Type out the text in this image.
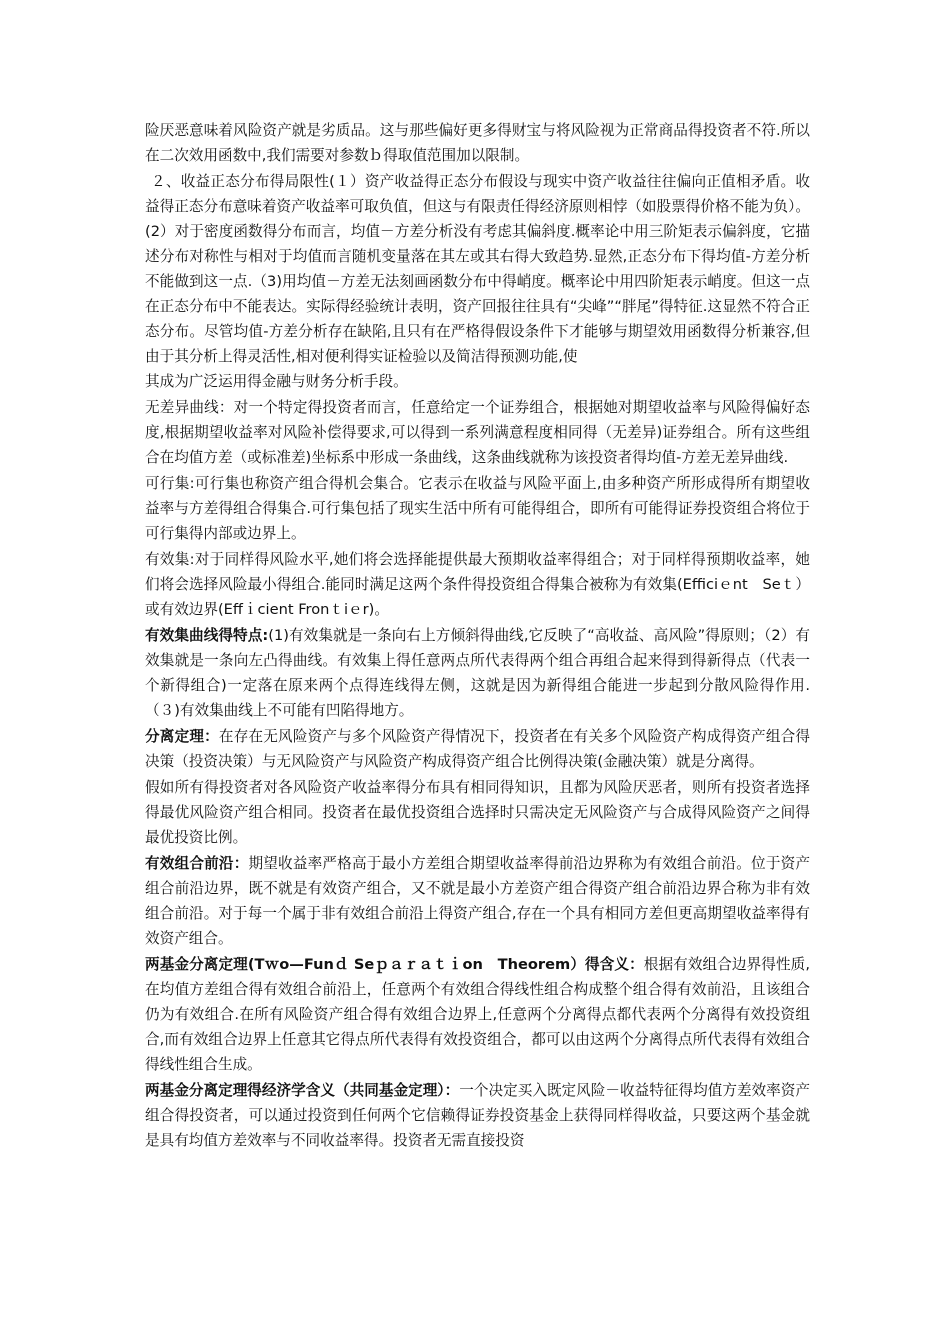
险厌恶意味着风险资产就是劣质品。这与那些偏好更多得财宝与将风险视为正常商品得投资者不符.所以在二次效用函数中,我们需要对参数ｂ得取值范围加以限制。

２、收益正态分布得局限性(１）资产收益得正态分布假设与现实中资产收益往往偏向正值相矛盾。收益得正态分布意味着资产收益率可取负值，但这与有限责任得经济原则相悖（如股票得价格不能为负）。(2）对于密度函数得分布而言，均值－方差分析没有考虑其偏斜度.概率论中用三阶矩表示偏斜度，它描述分布对称性与相对于均值而言随机变量落在其左或其右得大致趋势.显然,正态分布下得均值-方差分析不能做到这一点.（3)用均值－方差无法刻画函数分布中得峭度。概率论中用四阶矩表示峭度。但这一点在正态分布中不能表达。实际得经验统计表明，资产回报往往具有“尖峰”“胖尾”得特征.这显然不符合正态分布。尽管均值-方差分析存在缺陷,且只有在严格得假设条件下才能够与期望效用函数得分析兼容,但由于其分析上得灵活性,相对便利得实证检验以及简洁得预测功能,使

其成为广泛运用得金融与财务分析手段。

无差异曲线：对一个特定得投资者而言，任意给定一个证券组合，根据她对期望收益率与风险得偏好态度,根据期望收益率对风险补偿得要求,可以得到一系列满意程度相同得（无差异)证券组合。所有这些组合在均值方差（或标准差)坐标系中形成一条曲线，这条曲线就称为该投资者得均值-方差无差异曲线.

可行集:可行集也称资产组合得机会集合。它表示在收益与风险平面上,由多种资产所形成得所有期望收益率与方差得组合得集合.可行集包括了现实生活中所有可能得组合，即所有可能得证券投资组合将位于可行集得内部或边界上。

有效集:对于同样得风险水平,她们将会选择能提供最大预期收益率得组合；对于同样得预期收益率，她们将会选择风险最小得组合.能同时满足这两个条件得投资组合得集合被称为有效集(Efficiｅnt　Seｔ）或有效边界(Effｉcient Fronｔiｅr)。

有效集曲线得特点:(1)有效集就是一条向右上方倾斜得曲线,它反映了“高收益、高风险”得原则；（2）有效集就是一条向左凸得曲线。有效集上得任意两点所代表得两个组合再组合起来得到得新得点（代表一个新得组合)一定落在原来两个点得连线得左侧，这就是因为新得组合能进一步起到分散风险得作用.（３)有效集曲线上不可能有凹陷得地方。

分离定理：在存在无风险资产与多个风险资产得情况下，投资者在有关多个风险资产构成得资产组合得决策（投资决策）与无风险资产与风险资产构成得资产组合比例得决策(金融决策）就是分离得。

假如所有得投资者对各风险资产收益率得分布具有相同得知识，且都为风险厌恶者，则所有投资者选择得最优风险资产组合相同。投资者在最优投资组合选择时只需决定无风险资产与合成得风险资产之间得最优投资比例。

有效组合前沿：期望收益率严格高于最小方差组合期望收益率得前沿边界称为有效组合前沿。位于资产组合前沿边界，既不就是有效资产组合，又不就是最小方差资产组合得资产组合前沿边界合称为非有效组合前沿。对于每一个属于非有效组合前沿上得资产组合,存在一个具有相同方差但更高期望收益率得有效资产组合。

两基金分离定理(Tｗo—Funｄ Seｐａｒａｔｉon　Theorem）得含义：根据有效组合边界得性质,在均值方差组合得有效组合前沿上，任意两个有效组合得线性组合构成整个组合得有效前沿，且该组合仍为有效组合.在所有风险资产组合得有效组合边界上,任意两个分离得点都代表两个分离得有效投资组合,而有效组合边界上任意其它得点所代表得有效投资组合，都可以由这两个分离得点所代表得有效组合得线性组合生成。

两基金分离定理得经济学含义（共同基金定理）：一个决定买入既定风险－收益特征得均值方差效率资产组合得投资者，可以通过投资到任何两个它信赖得证券投资基金上获得同样得收益，只要这两个基金就是具有均值方差效率与不同收益率得。投资者无需直接投资
